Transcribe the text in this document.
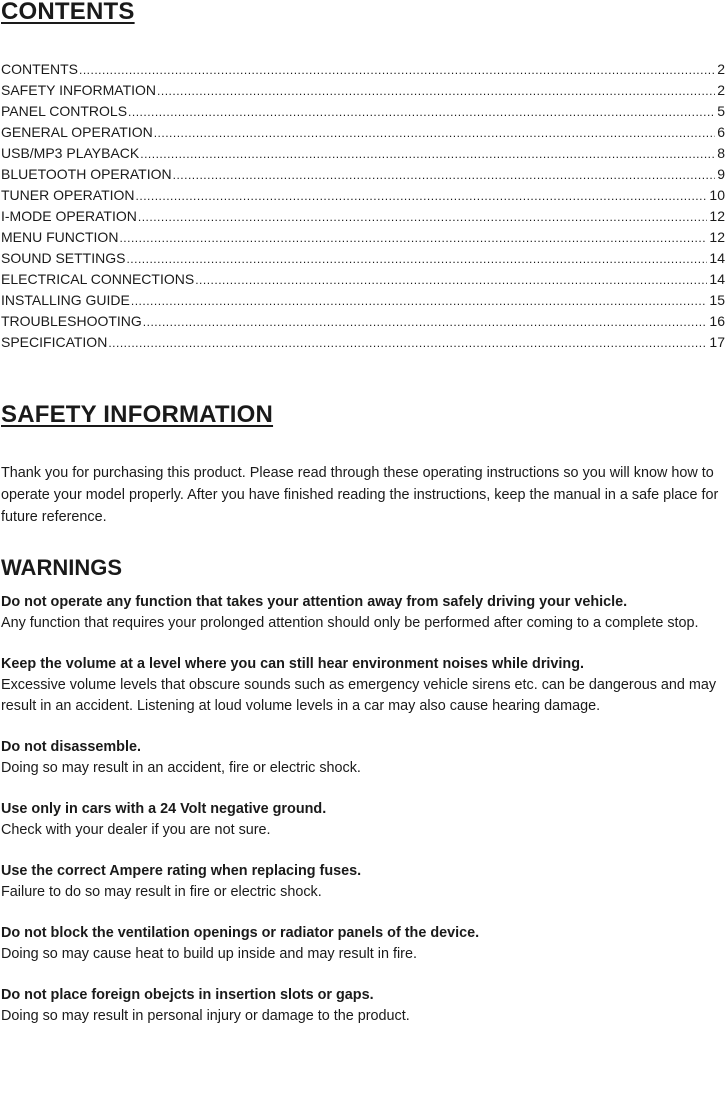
CONTENTS
CONTENTS .....	2
SAFETY INFORMATION .....	2
PANEL CONTROLS .....	5
GENERAL OPERATION .....	6
USB/MP3 PLAYBACK .....	8
BLUETOOTH OPERATION .....	9
TUNER OPERATION .....	10
I-MODE OPERATION .....	12
MENU FUNCTION .....	12
SOUND SETTINGS .....	14
ELECTRICAL CONNECTIONS .....	14
INSTALLING GUIDE .....	15
TROUBLESHOOTING .....	16
SPECIFICATION .....	17
SAFETY INFORMATION

Thank you for purchasing this product. Please read through these operating instructions so you will know how to operate your model properly. After you have finished reading the instructions, keep the manual in a safe place for future reference.

WARNINGS

Do not operate any function that takes your attention away from safely driving your vehicle.

Any function that requires your prolonged attention should only be performed after coming to a complete stop.

Keep the volume at a level where you can still hear environment noises while driving.

Excessive volume levels that obscure sounds such as emergency vehicle sirens etc. can be dangerous and may result in an accident. Listening at loud volume levels in a car may also cause hearing damage.

Do not disassemble.

Doing so may result in an accident, fire or electric shock.

Use only in cars with a 24 Volt negative ground.

Check with your dealer if you are not sure.

Use the correct Ampere rating when replacing fuses.

Failure to do so may result in fire or electric shock.

Do not block the ventilation openings or radiator panels of the device.

Doing so may cause heat to build up inside and may result in fire.

Do not place foreign obejcts in insertion slots or gaps.

Doing so may result in personal injury or damage to the product.
